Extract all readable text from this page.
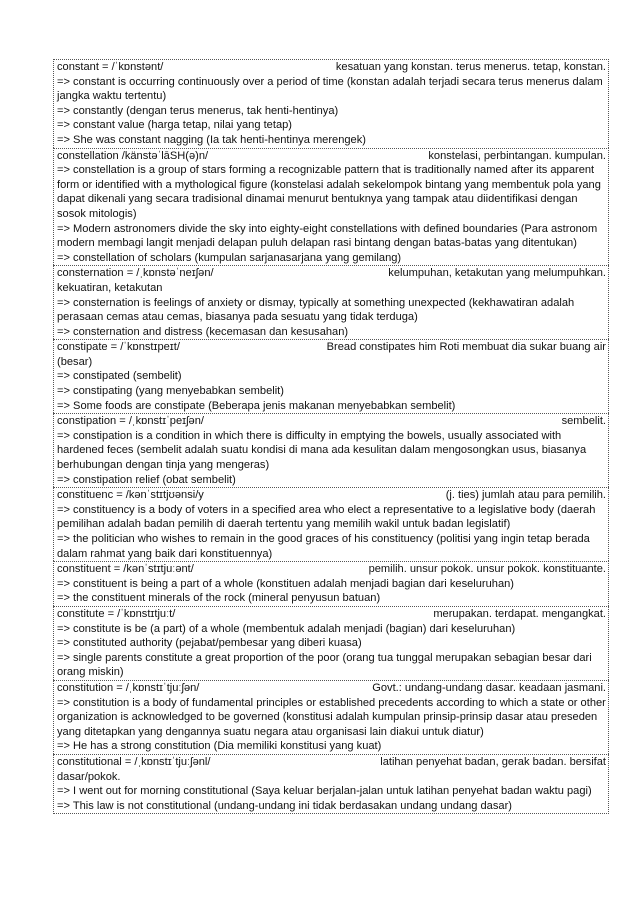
constant = /ˈkɒnstənt/	kesatuan yang konstan. terus menerus. tetap, konstan.

=> constant is occurring continuously over a period of time (konstan adalah terjadi secara terus menerus dalam jangka waktu tertentu)

=> constantly (dengan terus menerus, tak henti-hentinya)

=> constant value (harga tetap, nilai yang tetap)

=> She was constant nagging (Ia tak henti-hentinya merengek)

constellation /känstəˈlāSH(ə)n/	konstelasi, perbintangan. kumpulan.

=> constellation is a group of stars forming a recognizable pattern that is traditionally named after its apparent form or identified with a mythological figure (konstelasi adalah sekelompok bintang yang membentuk pola yang dapat dikenali yang secara tradisional dinamai menurut bentuknya yang tampak atau diidentifikasi dengan sosok mitologis)

=> Modern astronomers divide the sky into eighty-eight constellations with defined boundaries (Para astronom modern membagi langit menjadi delapan puluh delapan rasi bintang dengan batas-batas yang ditentukan)

=> constellation of scholars (kumpulan sarjanasarjana yang gemilang)

consternation = /ˌkɒnstəˈneɪʃən/	kelumpuhan, ketakutan yang melumpuhkan.

kekuatiran, ketakutan

=> consternation is feelings of anxiety or dismay, typically at something unexpected (kekhawatiran adalah perasaan cemas atau cemas, biasanya pada sesuatu yang tidak terduga)

=> consternation and distress (kecemasan dan kesusahan)

constipate = /ˈkɒnstɪpeɪt/	Bread constipates him Roti membuat dia sukar buang air

(besar)

=> constipated (sembelit)

=> constipating (yang menyebabkan sembelit)

=> Some foods are constipate (Beberapa jenis makanan menyebabkan sembelit)

constipation = /ˌkɒnstɪˈpeɪʃən/	sembelit.

=> constipation is a condition in which there is difficulty in emptying the bowels, usually associated with hardened feces (sembelit adalah suatu kondisi di mana ada kesulitan dalam mengosongkan usus, biasanya berhubungan dengan tinja yang mengeras)

=> constipation relief (obat sembelit)

constituenc = /kənˈstɪtjʊənsi/y	(j. ties) jumlah atau para pemilih.

=> constituency is a body of voters in a specified area who elect a representative to a legislative body (daerah pemilihan adalah badan pemilih di daerah tertentu yang memilih wakil untuk badan legislatif)

=> the politician who wishes to remain in the good graces of his constituency (politisi yang ingin tetap berada dalam rahmat yang baik dari konstituennya)

constituent = /kənˈstɪtjuːənt/	pemilih. unsur pokok. unsur pokok. konstituante.

=> constituent is being a part of a whole (konstituen adalah menjadi bagian dari keseluruhan)

=> the constituent minerals of the rock (mineral penyusun batuan)

constitute = /ˈkɒnstɪtjuːt/	merupakan. terdapat. mengangkat.

=> constitute is be (a part) of a whole (membentuk adalah menjadi (bagian) dari keseluruhan)

=> constituted authority (pejabat/pembesar yang diberi kuasa)

=> single parents constitute a great proportion of the poor (orang tua tunggal merupakan sebagian besar dari orang miskin)

constitution = /ˌkɒnstɪˈtjuːʃən/	Govt.: undang-undang dasar. keadaan jasmani.

=> constitution is a body of fundamental principles or established precedents according to which a state or other organization is acknowledged to be governed (konstitusi adalah kumpulan prinsip-prinsip dasar atau preseden yang ditetapkan yang dengannya suatu negara atau organisasi lain diakui untuk diatur)

=> He has a strong constitution (Dia memiliki konstitusi yang kuat)

constitutional = /ˌkɒnstɪˈtjuːʃənl/	latihan penyehat badan, gerak badan. bersifat

dasar/pokok.

=> I went out for morning constitutional (Saya keluar berjalan-jalan untuk latihan penyehat badan waktu pagi)

=> This law is not constitutional (undang-undang ini tidak berdasakan undang undang dasar)
